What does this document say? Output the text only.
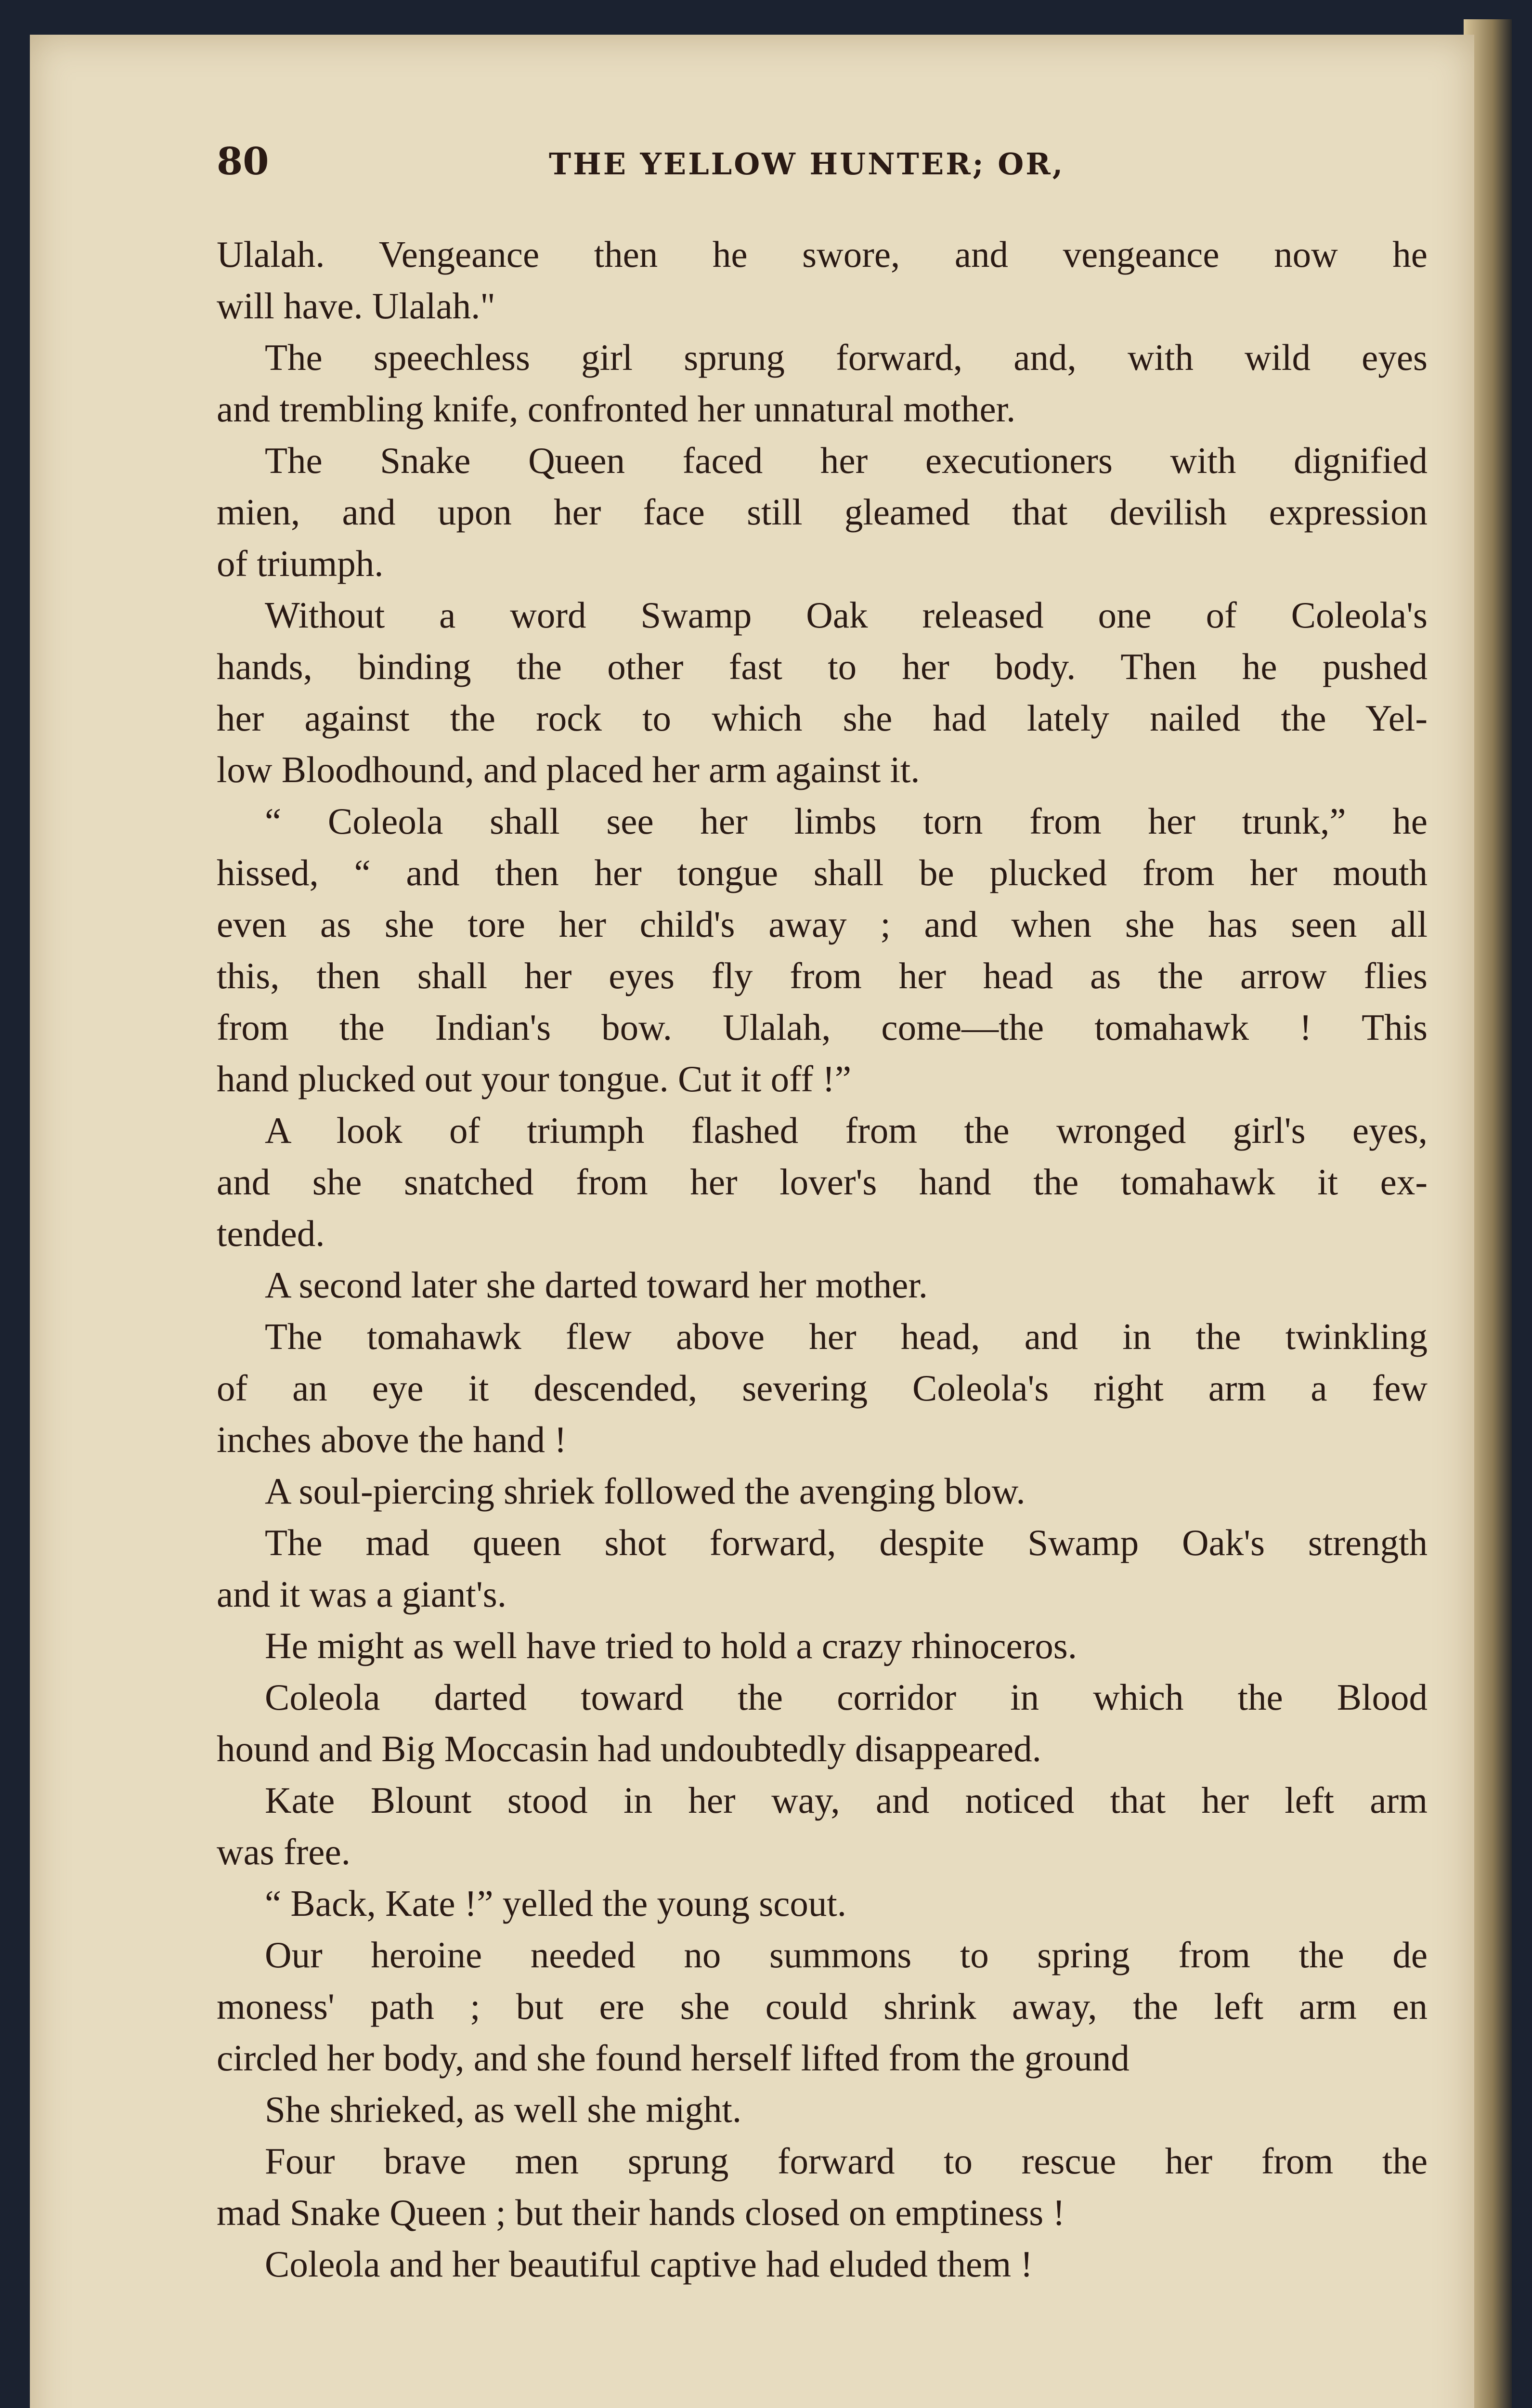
80	THE YELLOW HUNTER; OR,
Ulalah. Vengeance then he swore, and vengeance now he
will have. Ulalah."
The speechless girl sprung forward, and, with wild eyes
and trembling knife, confronted her unnatural mother.
The Snake Queen faced her executioners with dignified
mien, and upon her face still gleamed that devilish expression
of triumph.
Without a word Swamp Oak released one of Coleola's
hands, binding the other fast to her body. Then he pushed
her against the rock to which she had lately nailed the Yel-
low Bloodhound, and placed her arm against it.
“ Coleola shall see her limbs torn from her trunk,” he
hissed, “ and then her tongue shall be plucked from her mouth
even as she tore her child's away ; and when she has seen all
this, then shall her eyes fly from her head as the arrow flies
from the Indian's bow. Ulalah, come—the tomahawk ! This
hand plucked out your tongue. Cut it off !”
A look of triumph flashed from the wronged girl's eyes,
and she snatched from her lover's hand the tomahawk it ex-
tended.
A second later she darted toward her mother.
The tomahawk flew above her head, and in the twinkling
of an eye it descended, severing Coleola's right arm a few
inches above the hand !
A soul-piercing shriek followed the avenging blow.
The mad queen shot forward, despite Swamp Oak's strength
and it was a giant's.
He might as well have tried to hold a crazy rhinoceros.
Coleola darted toward the corridor in which the Blood
hound and Big Moccasin had undoubtedly disappeared.
Kate Blount stood in her way, and noticed that her left arm
was free.
“ Back, Kate !” yelled the young scout.
Our heroine needed no summons to spring from the de
moness' path ; but ere she could shrink away, the left arm en
circled her body, and she found herself lifted from the ground
She shrieked, as well she might.
Four brave men sprung forward to rescue her from the
mad Snake Queen ; but their hands closed on emptiness !
Coleola and her beautiful captive had eluded them !
